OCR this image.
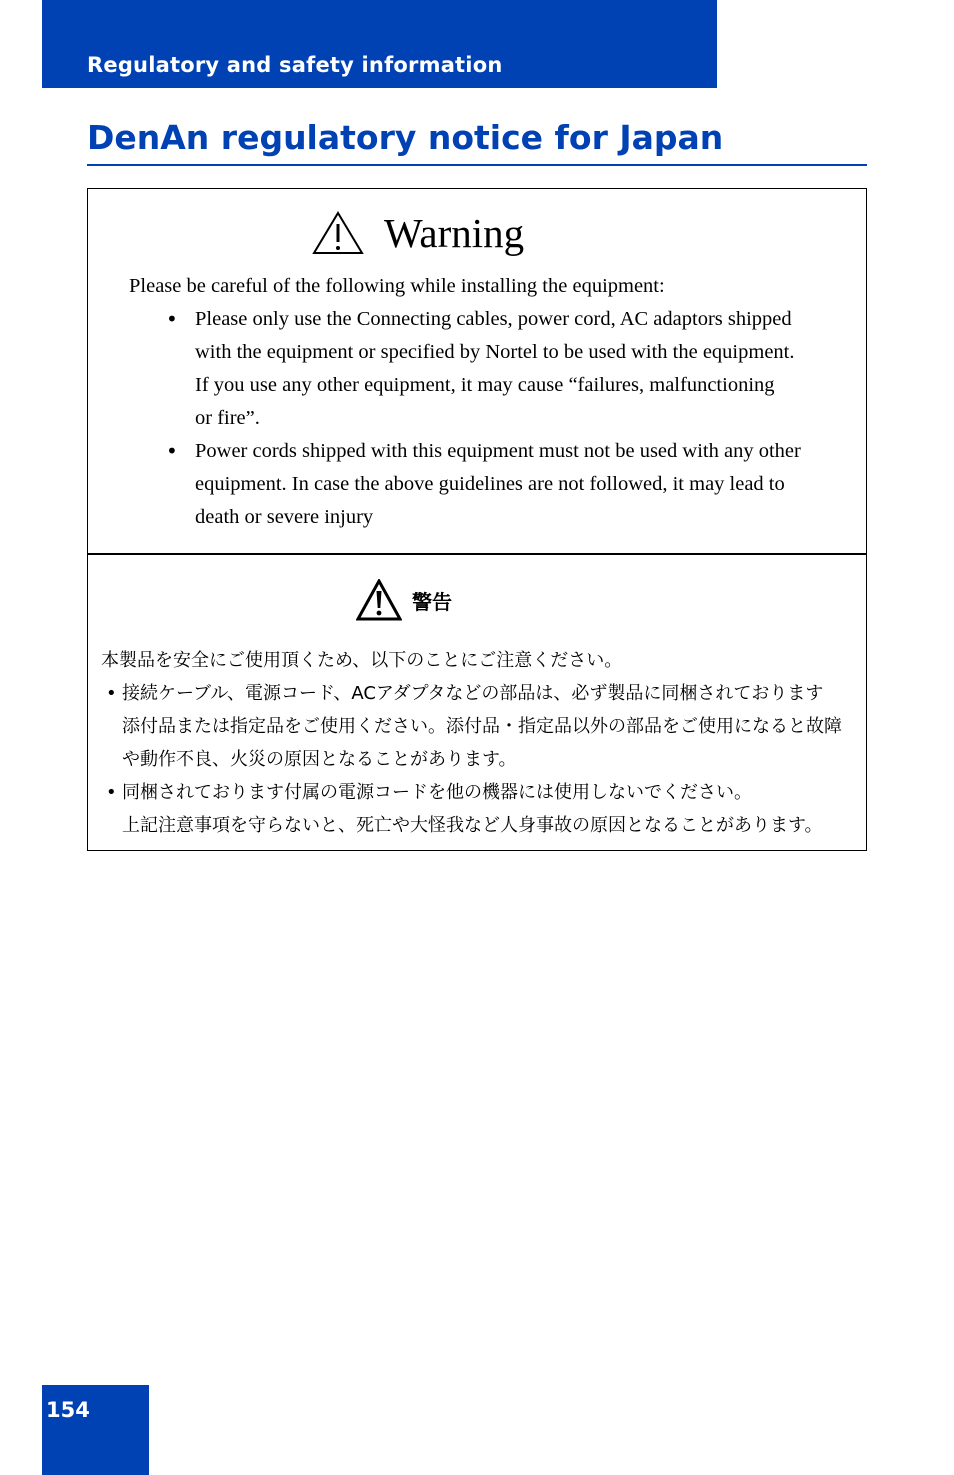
Regulatory and safety information
DenAn regulatory notice for Japan
Warning
Please be careful of the following while installing the equipment:
• Please only use the Connecting cables, power cord, AC adaptors shipped
with the equipment or specified by Nortel to be used with the equipment.
If you use any other equipment, it may cause “failures, malfunctioning
or fire”.
• Power cords shipped with this equipment must not be used with any other
equipment. In case the above guidelines are not followed, it may lead to
death or severe injury
警告
本製品を安全にご使用頂くため、以下のことにご注意ください。
• 接続ケーブル、電源コード、ACアダプタなどの部品は、必ず製品に同梱されております
添付品または指定品をご使用ください。添付品・指定品以外の部品をご使用になると故障
や動作不良、火災の原因となることがあります。
• 同梱されております付属の電源コードを他の機器には使用しないでください。
上記注意事項を守らないと、死亡や大怪我など人身事故の原因となることがあります。
154
